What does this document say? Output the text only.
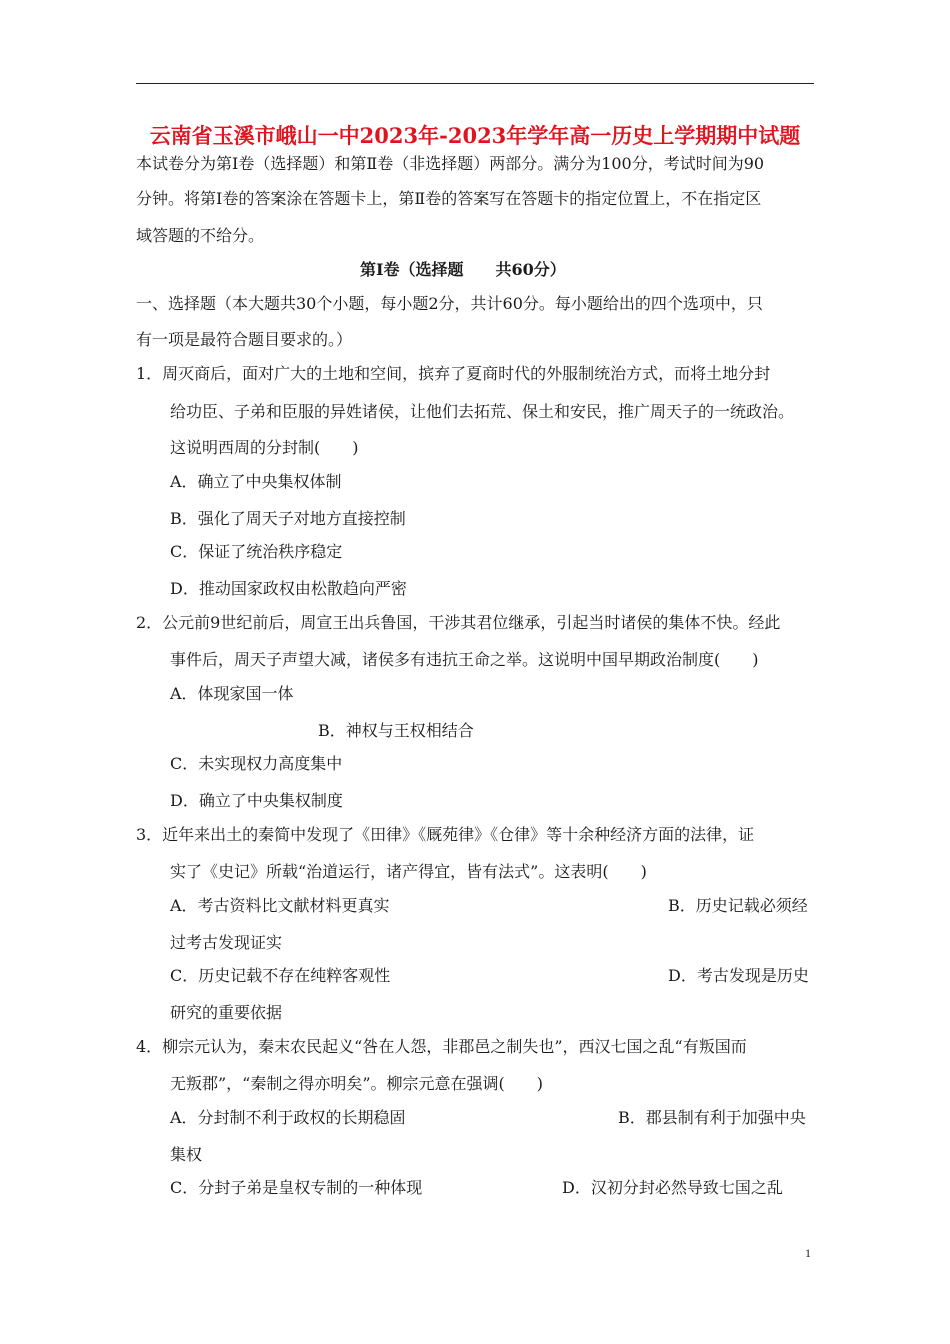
云南省玉溪市峨山一中2023年-2023年学年高一历史上学期期中试题
本试卷分为第Ⅰ卷（选择题）和第Ⅱ卷（非选择题）两部分。满分为100分，考试时间为90
分钟。将第Ⅰ卷的答案涂在答题卡上，第Ⅱ卷的答案写在答题卡的指定位置上，不在指定区
域答题的不给分。
第Ⅰ卷（选择题　　共60分）
一、选择题（本大题共30个小题，每小题2分，共计60分。每小题给出的四个选项中，只
有一项是最符合题目要求的。）
1．周灭商后，面对广大的土地和空间，摈弃了夏商时代的外服制统治方式，而将土地分封
给功臣、子弟和臣服的异姓诸侯，让他们去拓荒、保土和安民，推广周天子的一统政治。
这说明西周的分封制(　　)
A．确立了中央集权体制
B．强化了周天子对地方直接控制
C．保证了统治秩序稳定
D．推动国家政权由松散趋向严密
2．公元前9世纪前后，周宣王出兵鲁国，干涉其君位继承，引起当时诸侯的集体不快。经此
事件后，周天子声望大减，诸侯多有违抗王命之举。这说明中国早期政治制度(　　)
A．体现家国一体
B．神权与王权相结合
C．未实现权力高度集中
D．确立了中央集权制度
3．近年来出土的秦简中发现了《田律》《厩苑律》《仓律》等十余种经济方面的法律，证
实了《史记》所载“治道运行，诸产得宜，皆有法式”。这表明(　　)
A．考古资料比文献材料更真实	B．历史记载必须经
过考古发现证实
C．历史记载不存在纯粹客观性	D．考古发现是历史
研究的重要依据
4．柳宗元认为，秦末农民起义“咎在人怨，非郡邑之制失也”，西汉七国之乱“有叛国而
无叛郡”，“秦制之得亦明矣”。柳宗元意在强调(　　)
A．分封制不利于政权的长期稳固	B．郡县制有利于加强中央
集权
C．分封子弟是皇权专制的一种体现	D．汉初分封必然导致七国之乱
1
